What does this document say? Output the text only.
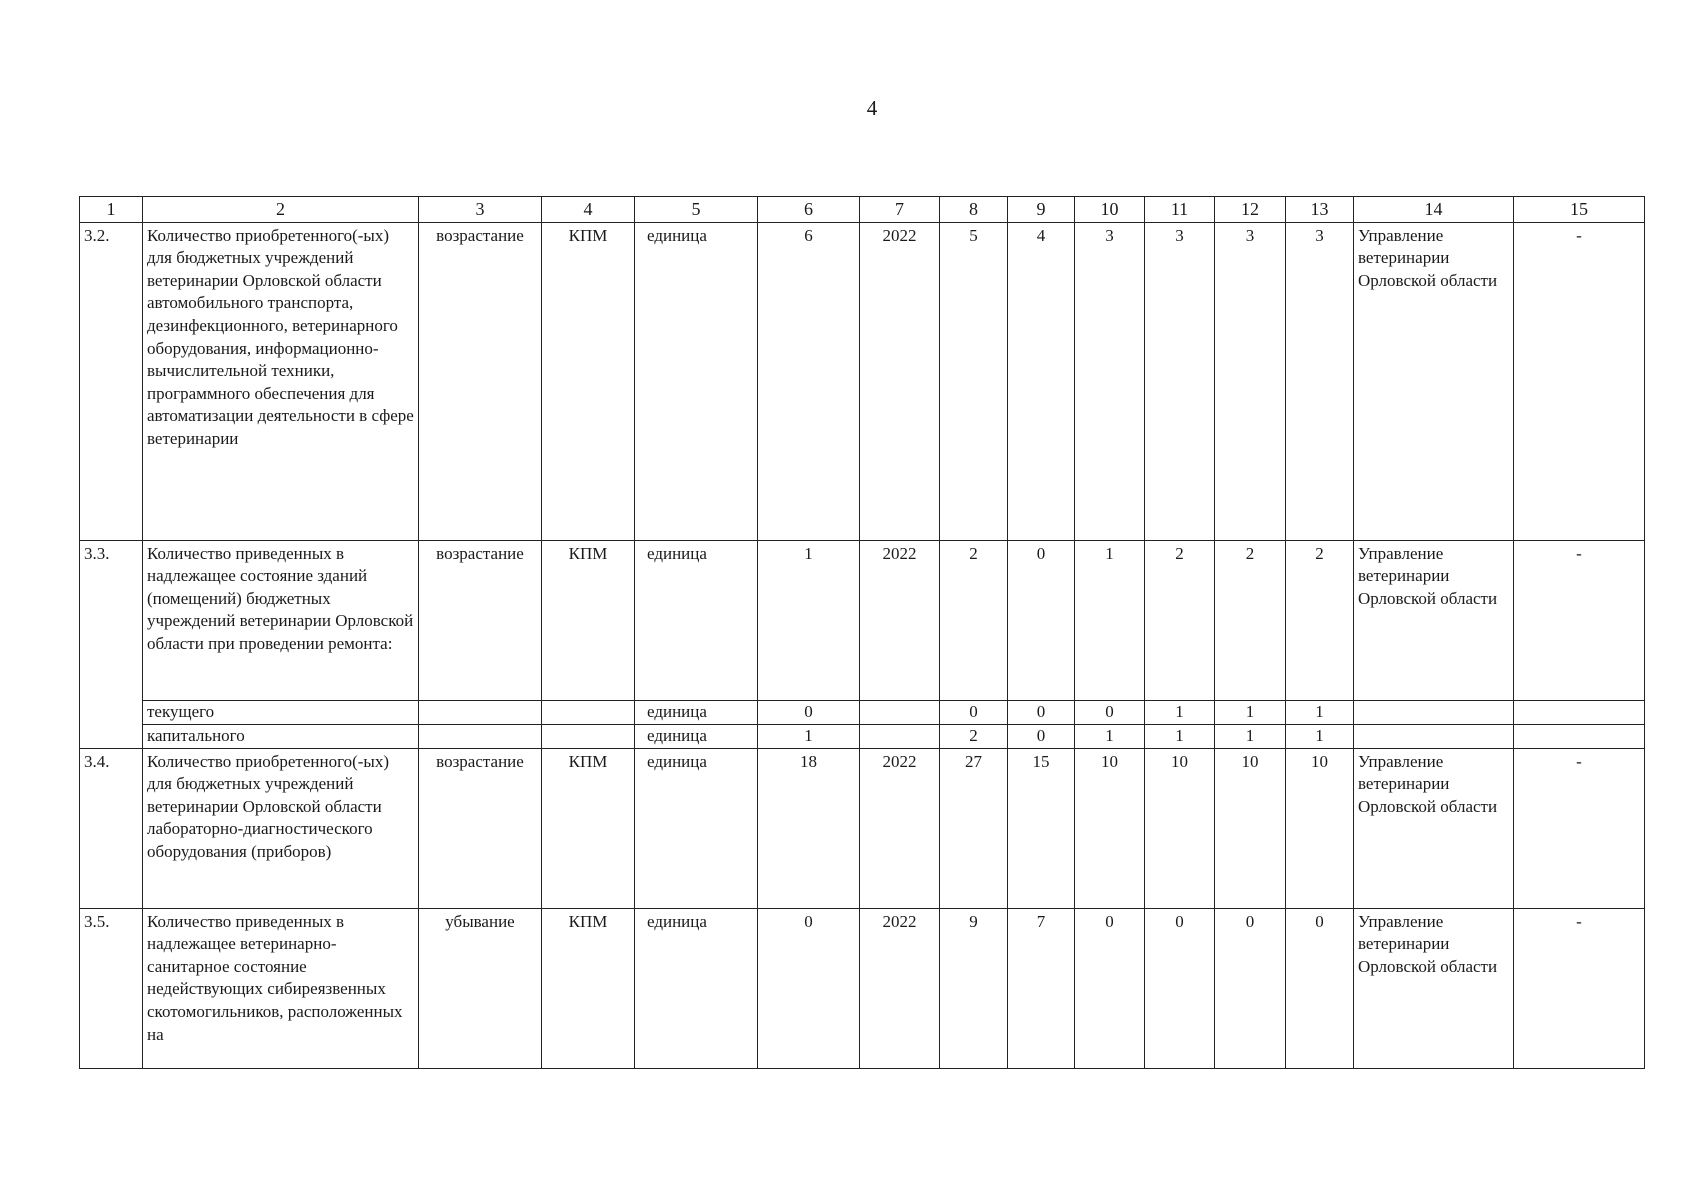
4
1	2	3	4	5	6	7	8	9	10	11	12	13	14	15
3.2.	Количество приобретенного(-ых) для бюджетных учреждений ветеринарии Орловской области автомобильного транспорта, дезинфекционного, ветеринарного оборудования, информационно-вычислительной техники, программного обеспечения для автоматизации деятельности в сфере ветеринарии	возрастание	КПМ	единица	6	2022	5	4	3	3	3	3	Управление ветеринарии Орловской области	-
3.3.	Количество приведенных в надлежащее состояние зданий (помещений) бюджетных учреждений ветеринарии Орловской области при проведении ремонта:	возрастание	КПМ	единица	1	2022	2	0	1	2	2	2	Управление ветеринарии Орловской области	-
	текущего			единица	0		0	0	0	1	1	1		
	капитального			единица	1		2	0	1	1	1	1		
3.4.	Количество приобретенного(-ых) для бюджетных учреждений ветеринарии Орловской области лабораторно-диагностического оборудования (приборов)	возрастание	КПМ	единица	18	2022	27	15	10	10	10	10	Управление ветеринарии Орловской области	-
3.5.	Количество приведенных в надлежащее ветеринарно-санитарное состояние недействующих сибиреязвенных скотомогильников, расположенных на	убывание	КПМ	единица	0	2022	9	7	0	0	0	0	Управление ветеринарии Орловской области	-
